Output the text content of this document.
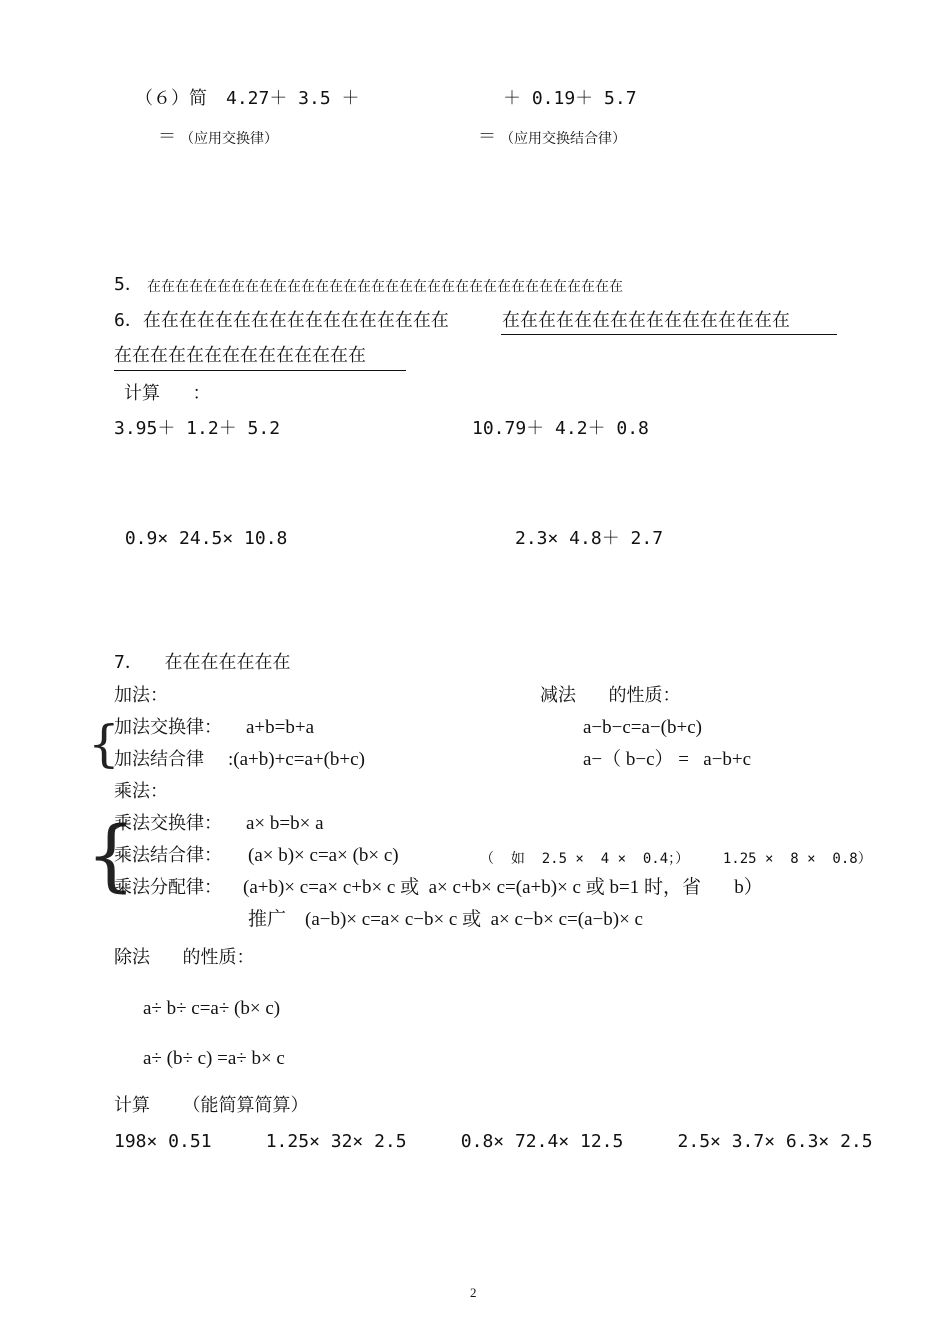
（６）简 4.27＋ 3.5 ＋	＋ 0.19＋ 5.7
＝ （应用交换律）	＝ （应用交换结合律）
5． 在在在在在在在在在在在在在在在在在在在在在在在在在在在在在在在在在在
6．在在在在在在在在在在在在在在在在在	在在在在在在在在在在在在在在在在
在在在在在在在在在在在在在在
计算   ：
3.95＋ 1.2＋ 5.2	10.79＋ 4.2＋ 0.8
0.9× 24.5× 10.8	2.3× 4.8＋ 2.7
7．  在在在在在在在
加法：	减法   的性质：
{
加法交换律： a+b=b+a	a−b−c=a−(b+c)
加法结合律 :(a+b)+c=a+(b+c)	a−（ b−c） =   a−b+c
乘法：
{
乘法交换律： a× b=b× a
乘法结合律： (a× b)× c=a× (b× c)	（  如  2.5 ×  4 ×  0.4；）    1.25 ×  8 ×  0.8）
乘法分配律： (a+b)× c=a× c+b× c 或  a× c+b× c=(a+b)× c 或 b=1 时，省       b）
推广    (a−b)× c=a× c−b× c 或  a× c−b× c=(a−b)× c
除法   的性质：
a÷ b÷ c=a÷ (b× c)
a÷ (b÷ c) =a÷ b× c
计算   （能简算简算）
198× 0.51     1.25× 32× 2.5     0.8× 72.4× 12.5     2.5× 3.7× 6.3× 2.5
2
